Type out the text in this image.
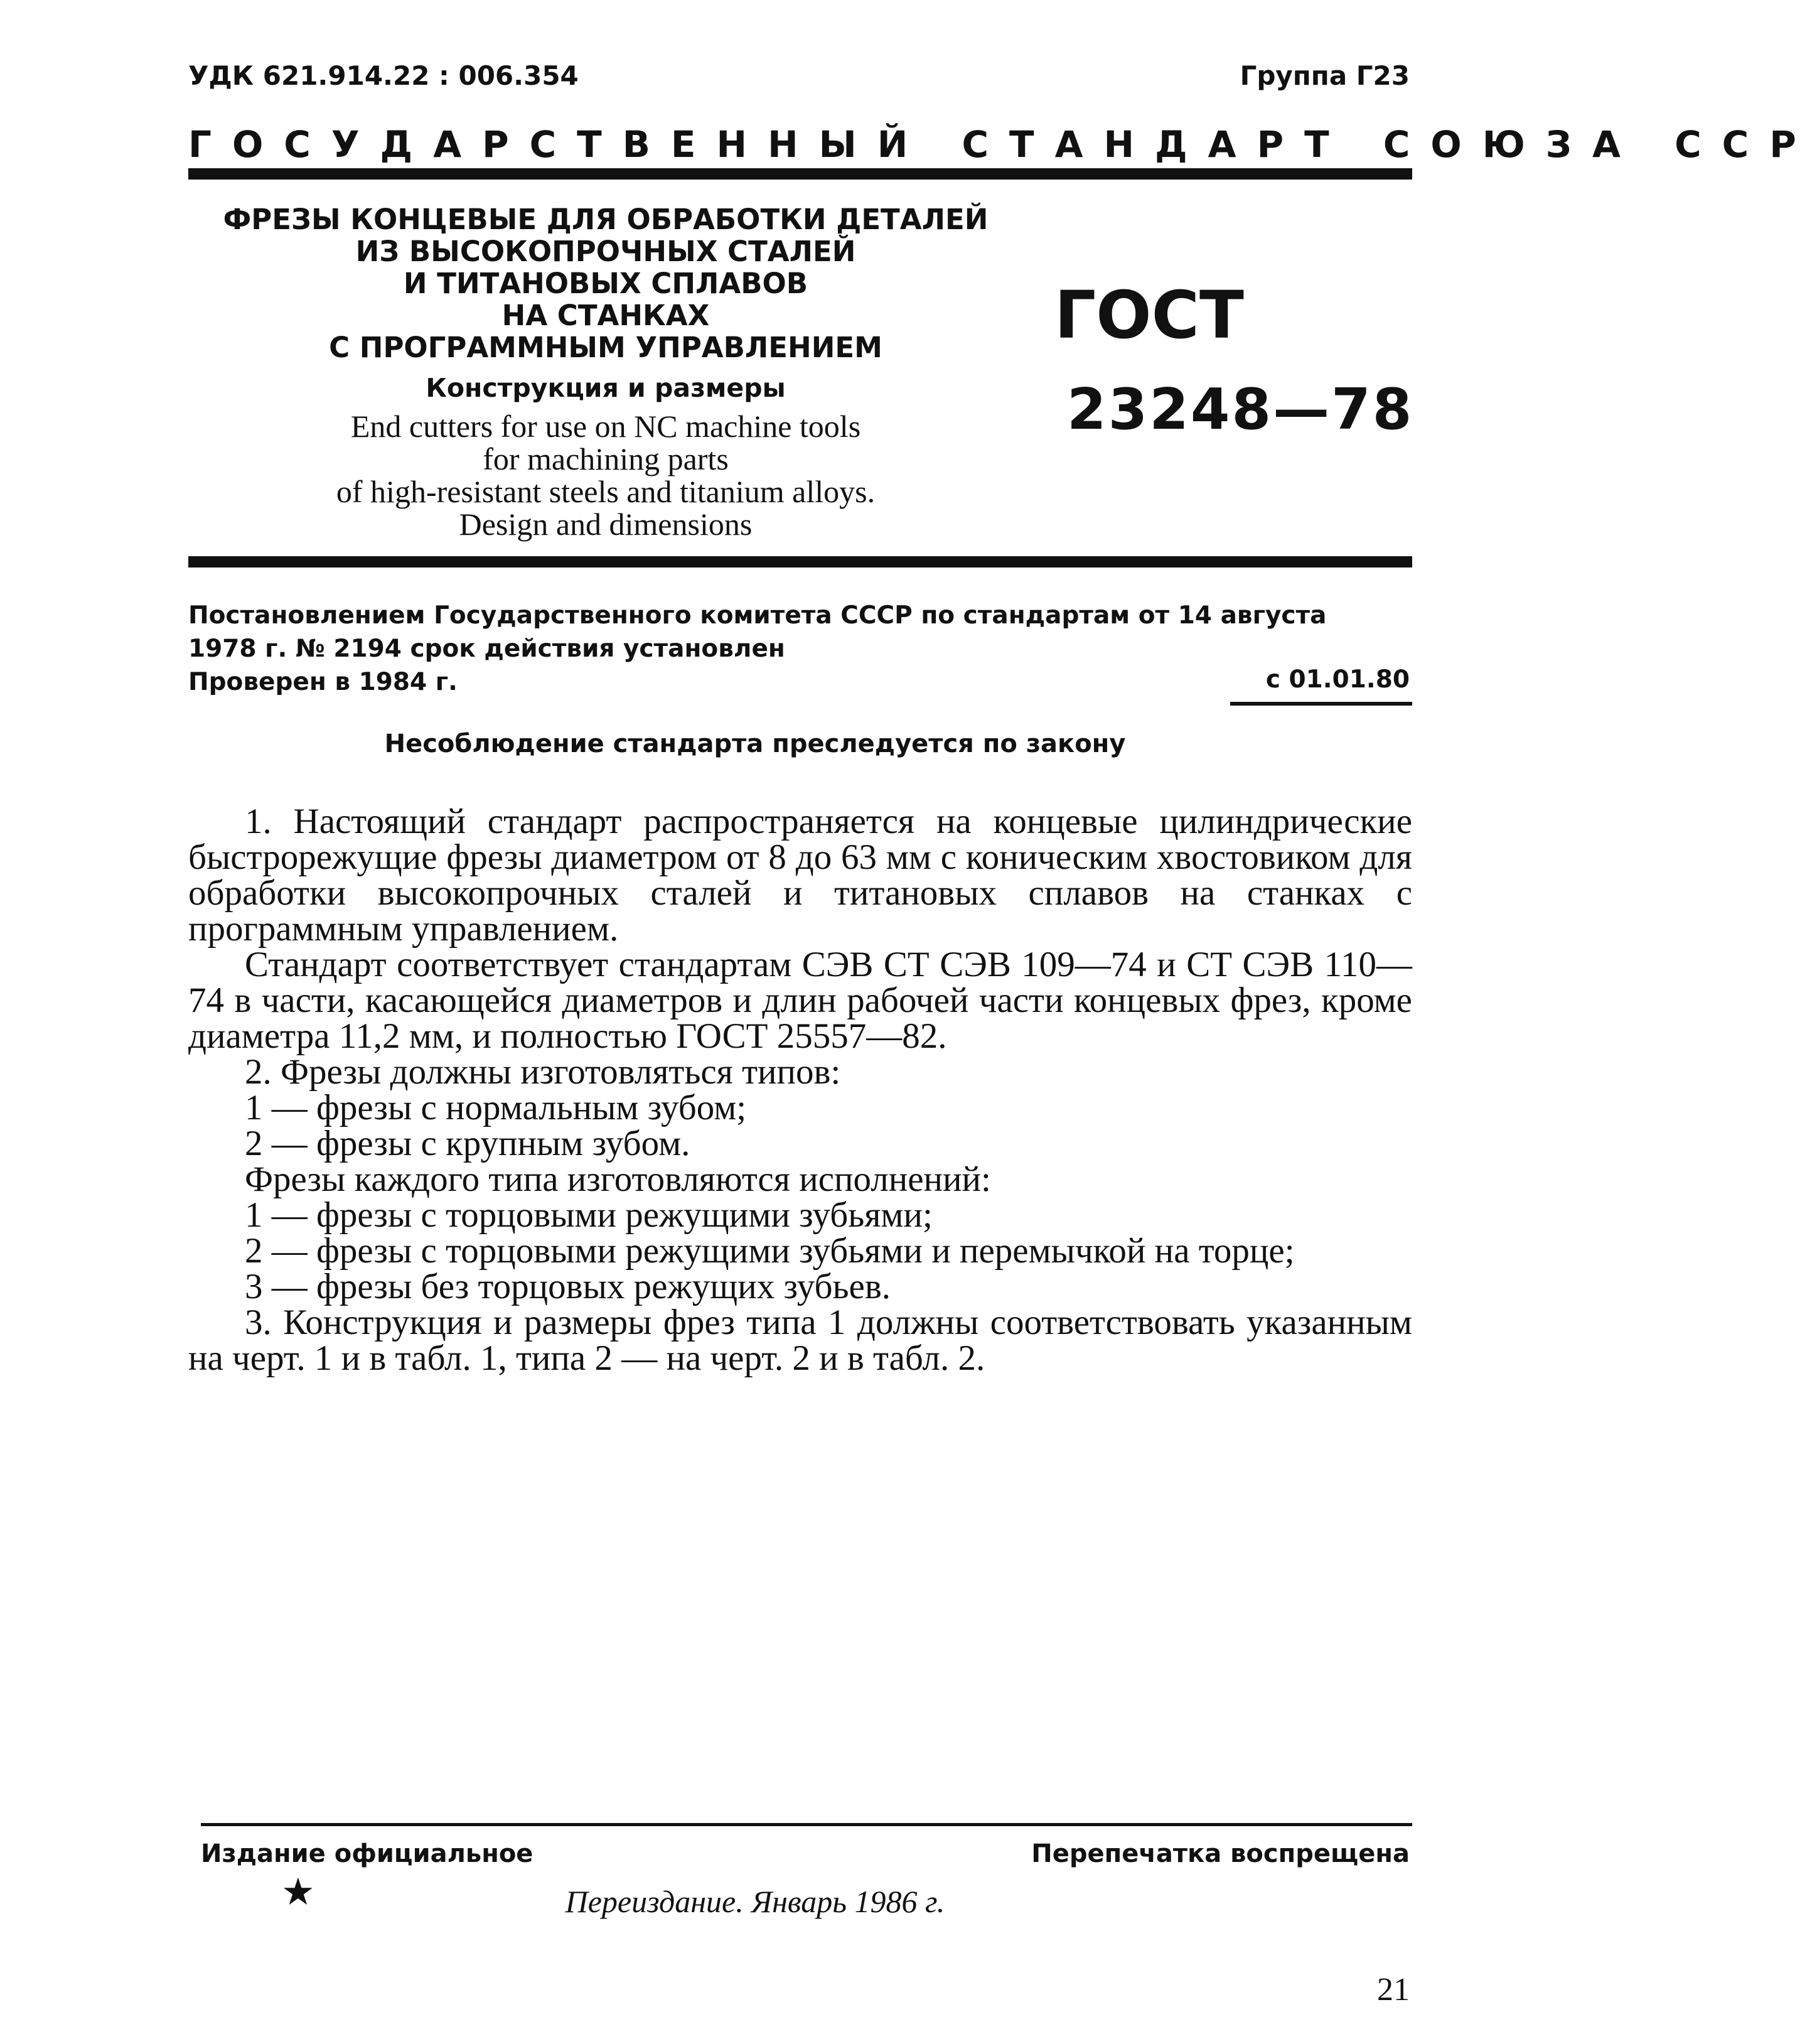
УДК 621.914.22 : 006.354	Группа Г23
ГОСУДАРСТВЕННЫЙ СТАНДАРТ СОЮЗА ССР
ФРЕЗЫ КОНЦЕВЫЕ ДЛЯ ОБРАБОТКИ ДЕТАЛЕЙ
ИЗ ВЫСОКОПРОЧНЫХ СТАЛЕЙ
И ТИТАНОВЫХ СПЛАВОВ
НА СТАНКАХ
С ПРОГРАММНЫМ УПРАВЛЕНИЕМ
Конструкция и размеры
End cutters for use on NC machine tools
for machining parts
of high-resistant steels and titanium alloys.
Design and dimensions
ГОСТ
23248—78
Постановлением Государственного комитета СССР по стандартам от 14 августа
1978 г. № 2194 срок действия установлен
Проверен в 1984 г.	с 01.01.80
Несоблюдение стандарта преследуется по закону

1. Настоящий стандарт распространяется на концевые цилиндрические быстрорежущие фрезы диаметром от 8 до 63 мм с коническим хвостовиком для обработки высокопрочных сталей и титановых сплавов на станках с программным управлением.

Стандарт соответствует стандартам СЭВ СТ СЭВ 109—74 и СТ СЭВ 110—74 в части, касающейся диаметров и длин рабочей части концевых фрез, кроме диаметра 11,2 мм, и полностью ГОСТ 25557—82.

2. Фрезы должны изготовляться типов:

1 — фрезы с нормальным зубом;

2 — фрезы с крупным зубом.

Фрезы каждого типа изготовляются исполнений:

1 — фрезы с торцовыми режущими зубьями;

2 — фрезы с торцовыми режущими зубьями и перемычкой на торце;

3 — фрезы без торцовых режущих зубьев.

3. Конструкция и размеры фрез типа 1 должны соответствовать указанным на черт. 1 и в табл. 1, типа 2 — на черт. 2 и в табл. 2.

Издание официальное	Перепечатка воспрещена
★	Переиздание. Январь 1986 г.
21
